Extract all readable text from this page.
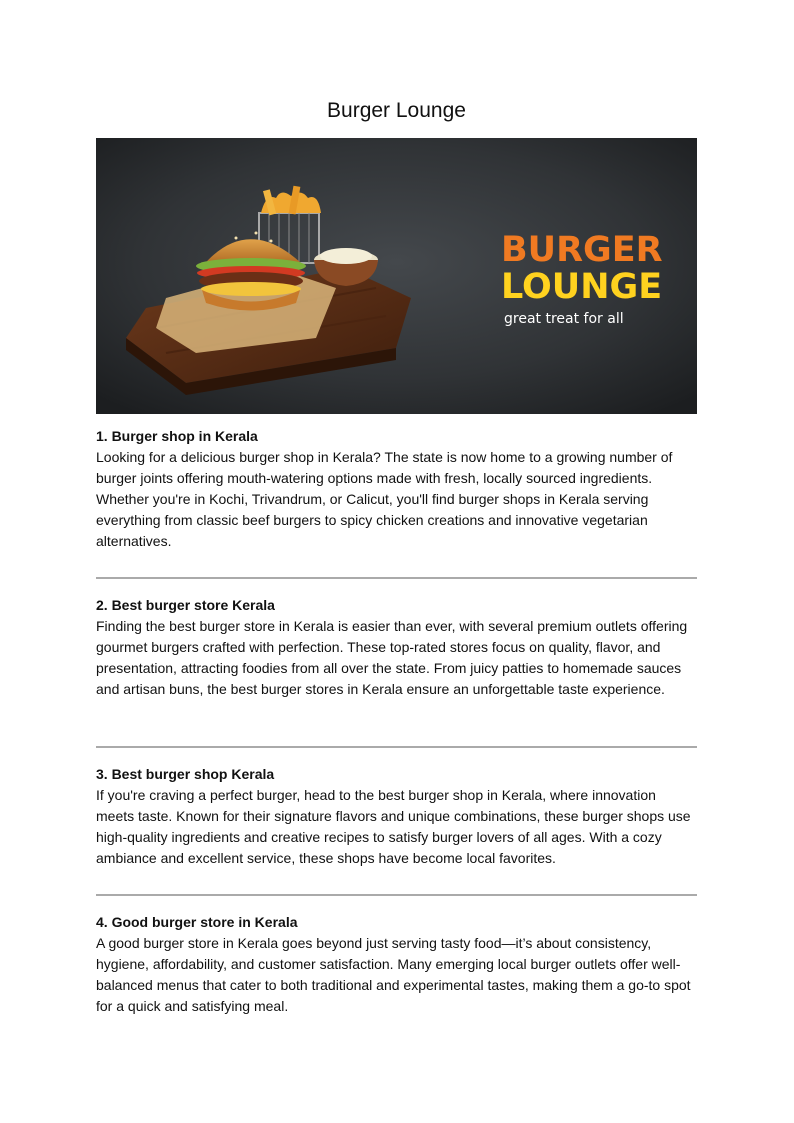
Burger Lounge
BURGER
LOUNGE
great treat for all

1. Burger shop in Kerala

Looking for a delicious burger shop in Kerala? The state is now home to a growing number of burger joints offering mouth-watering options made with fresh, locally sourced ingredients. Whether you're in Kochi, Trivandrum, or Calicut, you'll find burger shops in Kerala serving everything from classic beef burgers to spicy chicken creations and innovative vegetarian alternatives.

2. Best burger store Kerala

Finding the best burger store in Kerala is easier than ever, with several premium outlets offering gourmet burgers crafted with perfection. These top-rated stores focus on quality, flavor, and presentation, attracting foodies from all over the state. From juicy patties to homemade sauces and artisan buns, the best burger stores in Kerala ensure an unforgettable taste experience.

3. Best burger shop Kerala

If you're craving a perfect burger, head to the best burger shop in Kerala, where innovation meets taste. Known for their signature flavors and unique combinations, these burger shops use high-quality ingredients and creative recipes to satisfy burger lovers of all ages. With a cozy ambiance and excellent service, these shops have become local favorites.

4. Good burger store in Kerala

A good burger store in Kerala goes beyond just serving tasty food—it’s about consistency, hygiene, affordability, and customer satisfaction. Many emerging local burger outlets offer well-balanced menus that cater to both traditional and experimental tastes, making them a go-to spot for a quick and satisfying meal.
